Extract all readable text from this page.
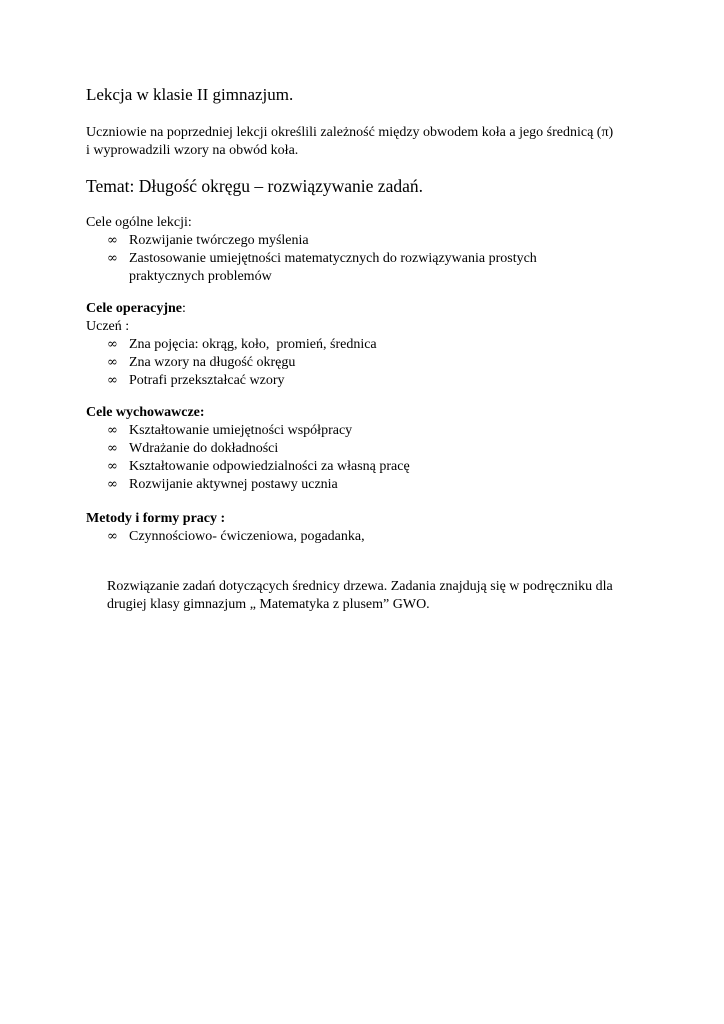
Lekcja w klasie II gimnazjum.
Uczniowie na poprzedniej lekcji określili zależność między obwodem koła a jego średnicą (π)
i wyprowadzili wzory na obwód koła.
Temat: Długość okręgu – rozwiązywanie zadań.
Cele ogólne lekcji:
∞ Rozwijanie twórczego myślenia
∞ Zastosowanie umiejętności matematycznych do rozwiązywania prostych
praktycznych problemów
Cele operacyjne:
Uczeń :
∞ Zna pojęcia: okrąg, koło,  promień, średnica
∞ Zna wzory na długość okręgu
∞ Potrafi przekształcać wzory
Cele wychowawcze:
∞ Kształtowanie umiejętności współpracy
∞ Wdrażanie do dokładności
∞ Kształtowanie odpowiedzialności za własną pracę
∞ Rozwijanie aktywnej postawy ucznia
Metody i formy pracy :
∞ Czynnościowo- ćwiczeniowa, pogadanka,
Rozwiązanie zadań dotyczących średnicy drzewa. Zadania znajdują się w podręczniku dla
drugiej klasy gimnazjum „ Matematyka z plusem” GWO.
